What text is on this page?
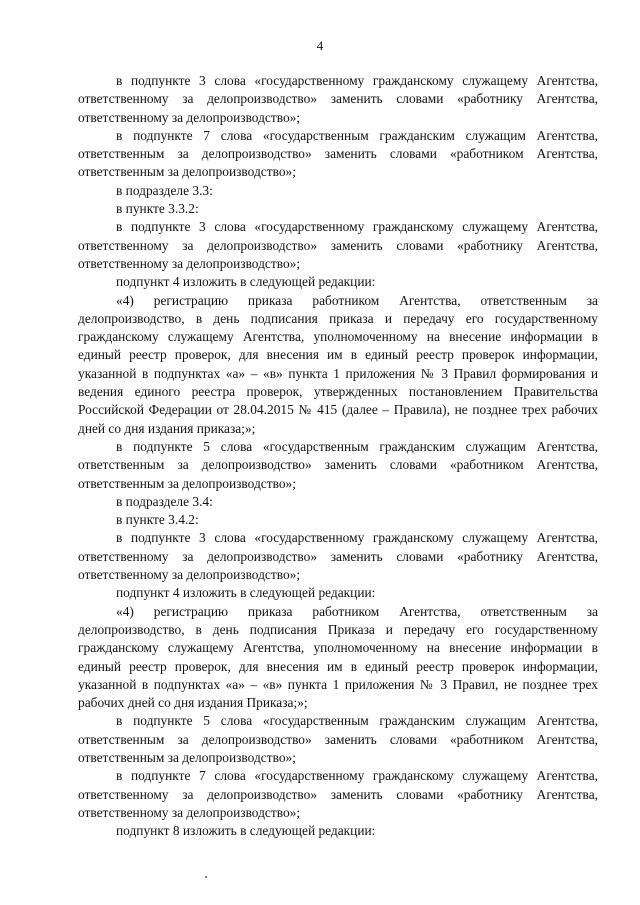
4

в подпункте 3 слова «государственному гражданскому служащему Агентства, ответственному за делопроизводство» заменить словами «работнику Агентства, ответственному за делопроизводство»;

в подпункте 7 слова «государственным гражданским служащим Агентства, ответственным за делопроизводство» заменить словами «работником Агентства, ответственным за делопроизводство»;

в подразделе 3.3:

в пункте 3.3.2:

в подпункте 3 слова «государственному гражданскому служащему Агентства, ответственному за делопроизводство» заменить словами «работнику Агентства, ответственному за делопроизводство»;

подпункт 4 изложить в следующей редакции:

«4) регистрацию приказа работником Агентства, ответственным за делопроизводство, в день подписания приказа и передачу его государственному гражданскому служащему Агентства, уполномоченному на внесение информации в единый реестр проверок, для внесения им в единый реестр проверок информации, указанной в подпунктах «а» – «в» пункта 1 приложения № 3 Правил формирования и ведения единого реестра проверок, утвержденных постановлением Правительства Российской Федерации от 28.04.2015 № 415 (далее – Правила), не позднее трех рабочих дней со дня издания приказа;»;

в подпункте 5 слова «государственным гражданским служащим Агентства, ответственным за делопроизводство» заменить словами «работником Агентства, ответственным за делопроизводство»;

в подразделе 3.4:

в пункте 3.4.2:

в подпункте 3 слова «государственному гражданскому служащему Агентства, ответственному за делопроизводство» заменить словами «работнику Агентства, ответственному за делопроизводство»;

подпункт 4 изложить в следующей редакции:

«4) регистрацию приказа работником Агентства, ответственным за делопроизводство, в день подписания Приказа и передачу его государственному гражданскому служащему Агентства, уполномоченному на внесение информации в единый реестр проверок, для внесения им в единый реестр проверок информации, указанной в подпунктах «а» – «в» пункта 1 приложения № 3 Правил, не позднее трех рабочих дней со дня издания Приказа;»;

в подпункте 5 слова «государственным гражданским служащим Агентства, ответственным за делопроизводство» заменить словами «работником Агентства, ответственным за делопроизводство»;

в подпункте 7 слова «государственному гражданскому служащему Агентства, ответственному за делопроизводство» заменить словами «работнику Агентства, ответственному за делопроизводство»;

подпункт 8 изложить в следующей редакции:
